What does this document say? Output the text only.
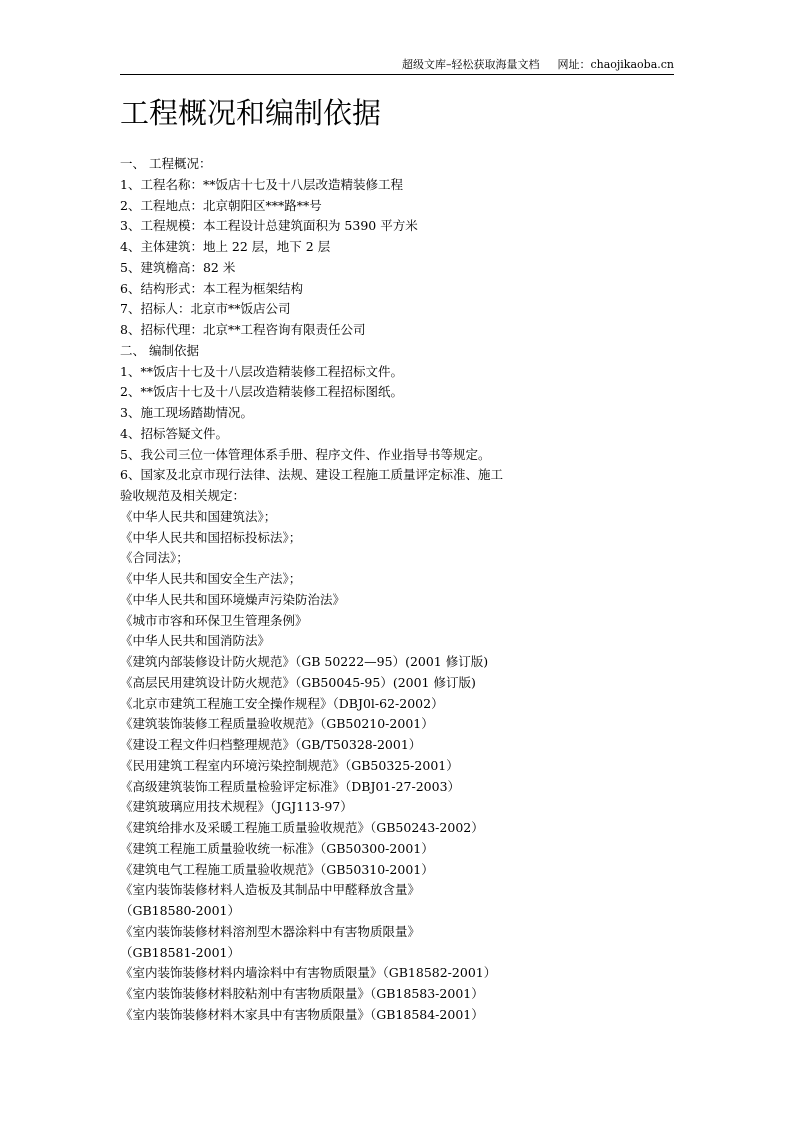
超级文库–轻松获取海量文档 网址：chaojikaoba.cn
工程概况和编制依据
一、 工程概况：
1、工程名称：**饭店十七及十八层改造精装修工程
2、工程地点：北京朝阳区***路**号
3、工程规模：本工程设计总建筑面积为 5390 平方米
4、主体建筑：地上 22 层，地下 2 层
5、建筑檐高：82 米
6、结构形式：本工程为框架结构
7、招标人：北京市**饭店公司
8、招标代理：北京**工程咨询有限责任公司
二、 编制依据
1、**饭店十七及十八层改造精装修工程招标文件。
2、**饭店十七及十八层改造精装修工程招标图纸。
3、施工现场踏勘情况。
4、招标答疑文件。
5、我公司三位一体管理体系手册、程序文件、作业指导书等规定。
6、国家及北京市现行法律、法规、建设工程施工质量评定标准、施工
验收规范及相关规定：
《中华人民共和国建筑法》；
《中华人民共和国招标投标法》；
《合同法》；
《中华人民共和国安全生产法》；
《中华人民共和国环境燥声污染防治法》
《城市市容和环保卫生管理条例》
《中华人民共和国消防法》
《建筑内部装修设计防火规范》（GB 50222—95）(2001 修订版)
《高层民用建筑设计防火规范》（GB50045-95）(2001 修订版)
《北京市建筑工程施工安全操作规程》（DBJ0l-62-2002）
《建筑装饰装修工程质量验收规范》（GB50210-2001）
《建设工程文件归档整理规范》（GB/T50328-2001）
《民用建筑工程室内环境污染控制规范》（GB50325-2001）
《高级建筑装饰工程质量检验评定标准》（DBJ01-27-2003）
《建筑玻璃应用技术规程》（JGJ113-97）
《建筑给排水及采暖工程施工质量验收规范》（GB50243-2002）
《建筑工程施工质量验收统一标准》（GB50300-2001）
《建筑电气工程施工质量验收规范》（GB50310-2001）
《室内装饰装修材料人造板及其制品中甲醛释放含量》
（GB18580-2001）
《室内装饰装修材料溶剂型木器涂料中有害物质限量》
（GB18581-2001）
《室内装饰装修材料内墙涂料中有害物质限量》（GB18582-2001）
《室内装饰装修材料胶粘剂中有害物质限量》（GB18583-2001）
《室内装饰装修材料木家具中有害物质限量》（GB18584-2001）
